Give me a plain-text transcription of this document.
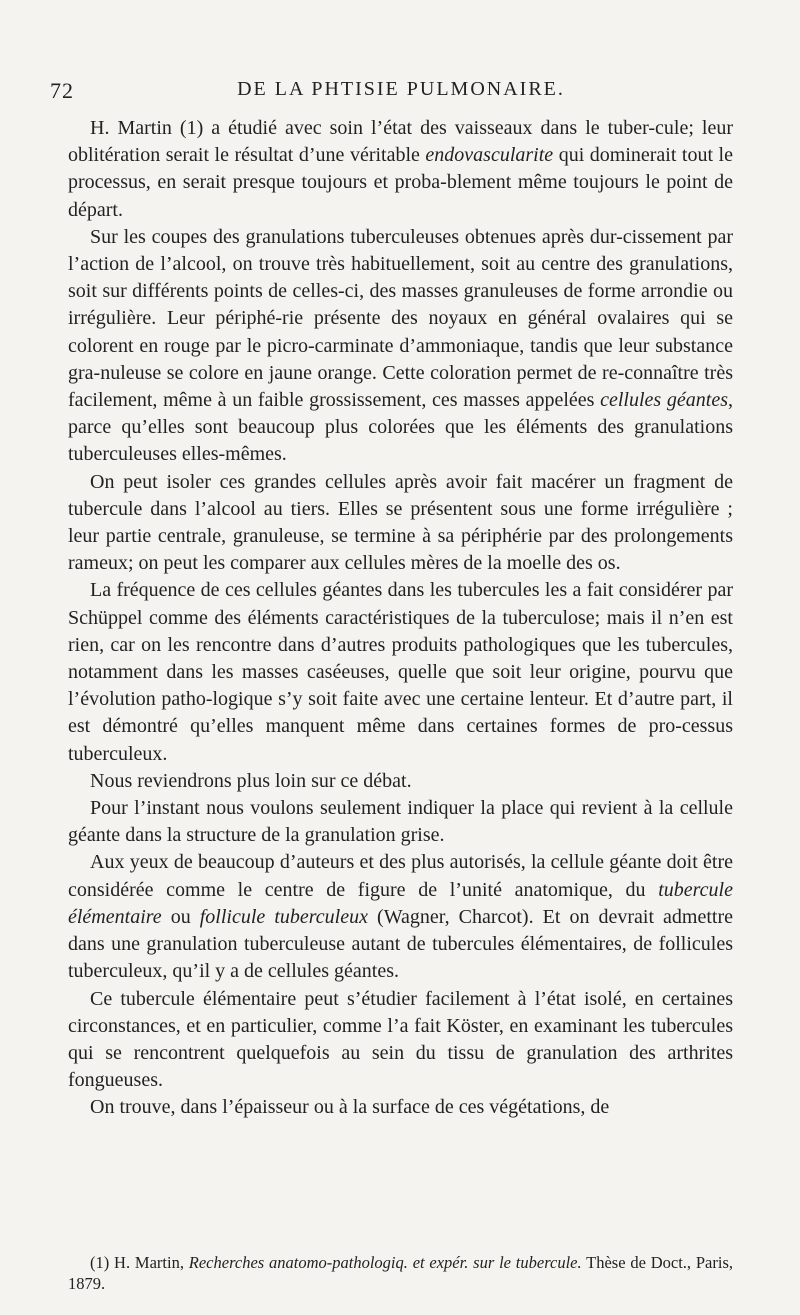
72	DE LA PHTISIE PULMONAIRE.

H. Martin (1) a étudié avec soin l’état des vaisseaux dans le tuber-cule; leur oblitération serait le résultat d’une véritable endovascularite qui dominerait tout le processus, en serait presque toujours et proba-blement même toujours le point de départ.

Sur les coupes des granulations tuberculeuses obtenues après dur-cissement par l’action de l’alcool, on trouve très habituellement, soit au centre des granulations, soit sur différents points de celles-ci, des masses granuleuses de forme arrondie ou irrégulière. Leur périphé-rie présente des noyaux en général ovalaires qui se colorent en rouge par le picro-carminate d’ammoniaque, tandis que leur substance gra-nuleuse se colore en jaune orange. Cette coloration permet de re-connaître très facilement, même à un faible grossissement, ces masses appelées cellules géantes, parce qu’elles sont beaucoup plus colorées que les éléments des granulations tuberculeuses elles-mêmes.

On peut isoler ces grandes cellules après avoir fait macérer un fragment de tubercule dans l’alcool au tiers. Elles se présentent sous une forme irrégulière ; leur partie centrale, granuleuse, se termine à sa périphérie par des prolongements rameux; on peut les comparer aux cellules mères de la moelle des os.

La fréquence de ces cellules géantes dans les tubercules les a fait considérer par Schüppel comme des éléments caractéristiques de la tuberculose; mais il n’en est rien, car on les rencontre dans d’autres produits pathologiques que les tubercules, notamment dans les masses caséeuses, quelle que soit leur origine, pourvu que l’évolution patho-logique s’y soit faite avec une certaine lenteur. Et d’autre part, il est démontré qu’elles manquent même dans certaines formes de pro-cessus tuberculeux.

Nous reviendrons plus loin sur ce débat.

Pour l’instant nous voulons seulement indiquer la place qui revient à la cellule géante dans la structure de la granulation grise.

Aux yeux de beaucoup d’auteurs et des plus autorisés, la cellule géante doit être considérée comme le centre de figure de l’unité anatomique, du tubercule élémentaire ou follicule tuberculeux (Wagner, Charcot). Et on devrait admettre dans une granulation tuberculeuse autant de tubercules élémentaires, de follicules tuberculeux, qu’il y a de cellules géantes.

Ce tubercule élémentaire peut s’étudier facilement à l’état isolé, en certaines circonstances, et en particulier, comme l’a fait Köster, en examinant les tubercules qui se rencontrent quelquefois au sein du tissu de granulation des arthrites fongueuses.

On trouve, dans l’épaisseur ou à la surface de ces végétations, de

(1) H. Martin, Recherches anatomo-pathologiq. et expér. sur le tubercule. Thèse de Doct., Paris, 1879.
